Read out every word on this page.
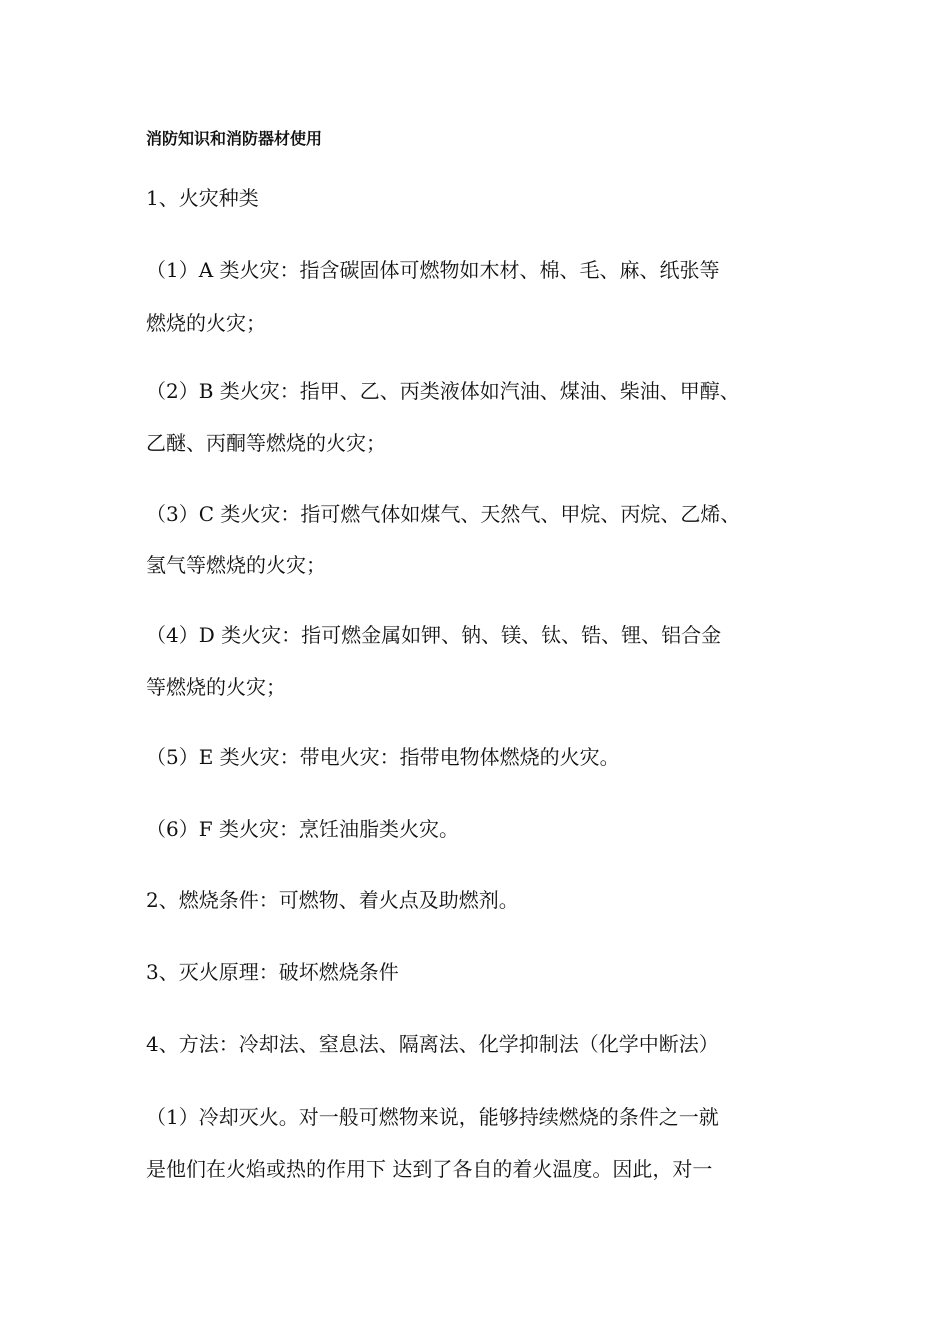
消防知识和消防器材使用
1、火灾种类
（1）A 类火灾：指含碳固体可燃物如木材、棉、毛、麻、纸张等
燃烧的火灾；
（2）B 类火灾：指甲、乙、丙类液体如汽油、煤油、柴油、甲醇、
乙醚、丙酮等燃烧的火灾；
（3）C 类火灾：指可燃气体如煤气、天然气、甲烷、丙烷、乙烯、
氢气等燃烧的火灾；
（4）D 类火灾：指可燃金属如钾、钠、镁、钛、锆、锂、铝合金
等燃烧的火灾；
（5）E 类火灾：带电火灾：指带电物体燃烧的火灾。
（6）F 类火灾：烹饪油脂类火灾。
2、燃烧条件：可燃物、着火点及助燃剂。
3、灭火原理：破坏燃烧条件
4、方法：冷却法、窒息法、隔离法、化学抑制法（化学中断法）
（1）冷却灭火。对一般可燃物来说，能够持续燃烧的条件之一就
是他们在火焰或热的作用下 达到了各自的着火温度。因此，对一
